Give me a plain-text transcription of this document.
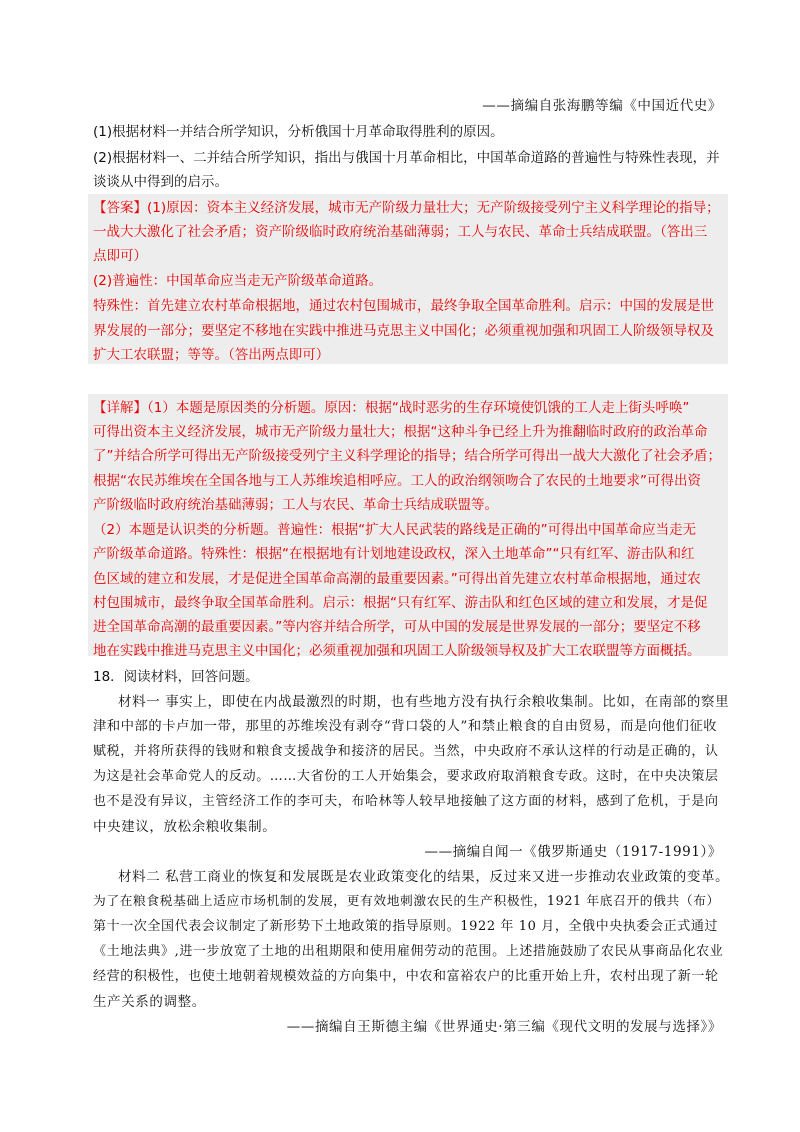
——摘编自张海鹏等编《中国近代史》
(1)根据材料一并结合所学知识，分析俄国十月革命取得胜利的原因。
(2)根据材料一、二并结合所学知识，指出与俄国十月革命相比，中国革命道路的普遍性与特殊性表现，并
谈谈从中得到的启示。
【答案】(1)原因：资本主义经济发展，城市无产阶级力量壮大；无产阶级接受列宁主义科学理论的指导；
一战大大激化了社会矛盾；资产阶级临时政府统治基础薄弱；工人与农民、革命士兵结成联盟。（答出三
点即可）
(2)普遍性：中国革命应当走无产阶级革命道路。
特殊性：首先建立农村革命根据地，通过农村包围城市，最终争取全国革命胜利。启示：中国的发展是世
界发展的一部分；要坚定不移地在实践中推进马克思主义中国化；必须重视加强和巩固工人阶级领导权及
扩大工农联盟；等等。（答出两点即可）
【详解】（1）本题是原因类的分析题。原因：根据“战时恶劣的生存环境使饥饿的工人走上街头呼唤”
可得出资本主义经济发展，城市无产阶级力量壮大；根据“这种斗争已经上升为推翻临时政府的政治革命
了”并结合所学可得出无产阶级接受列宁主义科学理论的指导；结合所学可得出一战大大激化了社会矛盾；
根据“农民苏维埃在全国各地与工人苏维埃追相呼应。工人的政治纲领吻合了农民的土地要求”可得出资
产阶级临时政府统治基础薄弱；工人与农民、革命士兵结成联盟等。
（2）本题是认识类的分析题。普遍性：根据“扩大人民武装的路线是正确的”可得出中国革命应当走无
产阶级革命道路。特殊性：根据“在根据地有计划地建设政权，深入土地革命”“只有红军、游击队和红
色区域的建立和发展，才是促进全国革命高潮的最重要因素。”可得出首先建立农村革命根据地，通过农
村包围城市，最终争取全国革命胜利。启示：根据“只有红军、游击队和红色区域的建立和发展，才是促
进全国革命高潮的最重要因素。”等内容并结合所学，可从中国的发展是世界发展的一部分；要坚定不移
地在实践中推进马克思主义中国化；必须重视加强和巩固工人阶级领导权及扩大工农联盟等方面概括。
18．阅读材料，回答问题。
材料一 事实上，即使在内战最激烈的时期，也有些地方没有执行余粮收集制。比如，在南部的察里
津和中部的卡卢加一带，那里的苏维埃没有剥夺“背口袋的人”和禁止粮食的自由贸易，而是向他们征收
赋税，并将所获得的钱财和粮食支援战争和接济的居民。当然，中央政府不承认这样的行动是正确的，认
为这是社会革命党人的反动。……大省份的工人开始集会，要求政府取消粮食专政。这时，在中央决策层
也不是没有异议，主管经济工作的李可夫，布哈林等人较早地接触了这方面的材料，感到了危机，于是向
中央建议，放松余粮收集制。
——摘编自闻一《俄罗斯通史（1917-1991）》
材料二 私营工商业的恢复和发展既是农业政策变化的结果，反过来又进一步推动农业政策的变革。
为了在粮食税基础上适应市场机制的发展，更有效地刺激农民的生产积极性，1921 年底召开的俄共（布）
第十一次全国代表会议制定了新形势下土地政策的指导原则。1922 年 10 月，全俄中央执委会正式通过
《土地法典》,进一步放宽了土地的出租期限和使用雇佣劳动的范围。上述措施鼓励了农民从事商品化农业
经营的积极性，也使土地朝着规模效益的方向集中，中农和富裕农户的比重开始上升，农村出现了新一轮
生产关系的调整。
——摘编自王斯德主编《世界通史·第三编《现代文明的发展与选择》》
